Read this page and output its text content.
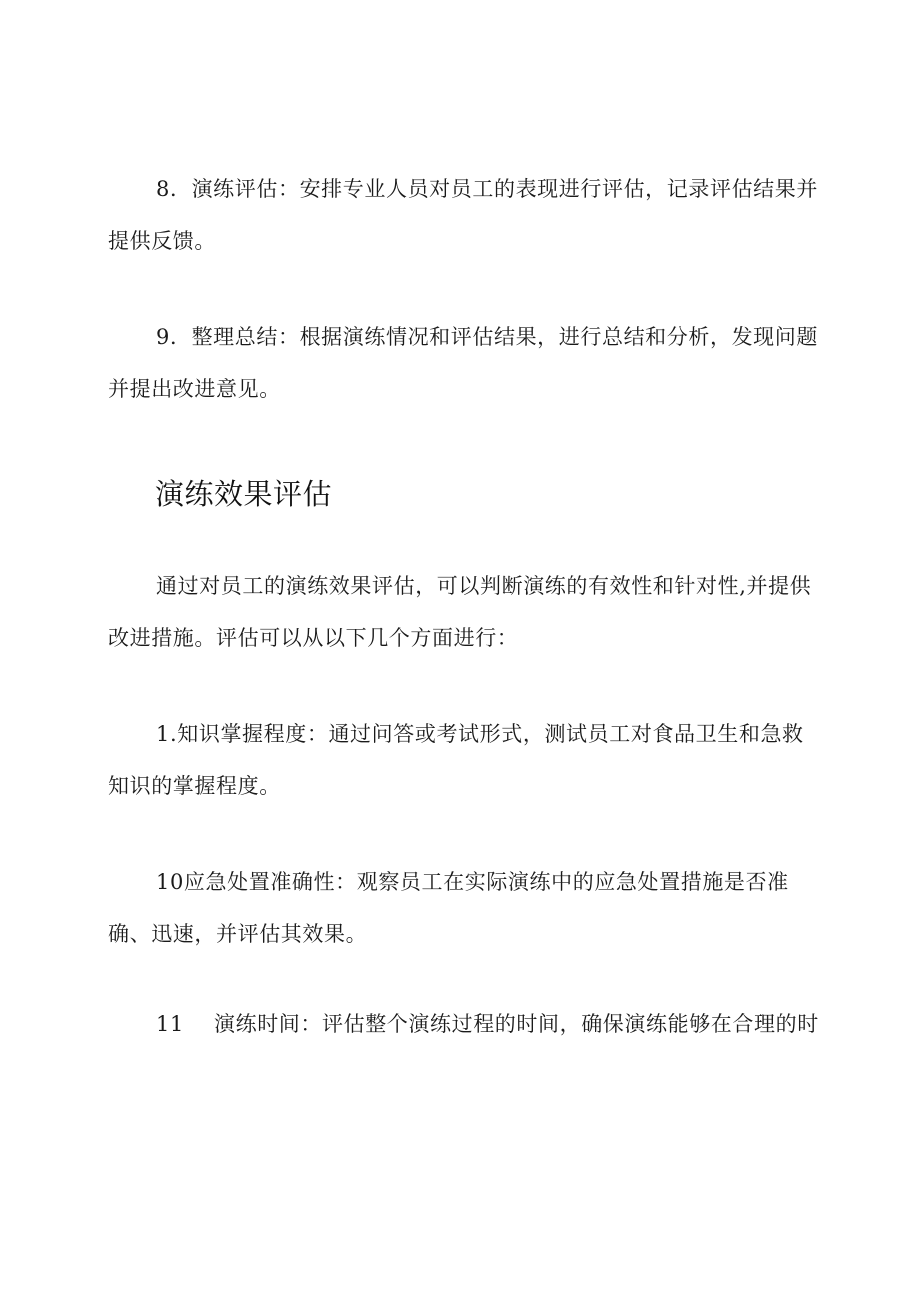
8．演练评估：安排专业人员对员工的表现进行评估，记录评估结果并提供反馈。

9．整理总结：根据演练情况和评估结果，进行总结和分析，发现问题并提出改进意见。

演练效果评估

通过对员工的演练效果评估，可以判断演练的有效性和针对性,并提供改进措施。评估可以从以下几个方面进行：

1.知识掌握程度：通过问答或考试形式，测试员工对食品卫生和急救知识的掌握程度。

10应急处置准确性：观察员工在实际演练中的应急处置措施是否准确、迅速，并评估其效果。

11 演练时间：评估整个演练过程的时间，确保演练能够在合理的时
